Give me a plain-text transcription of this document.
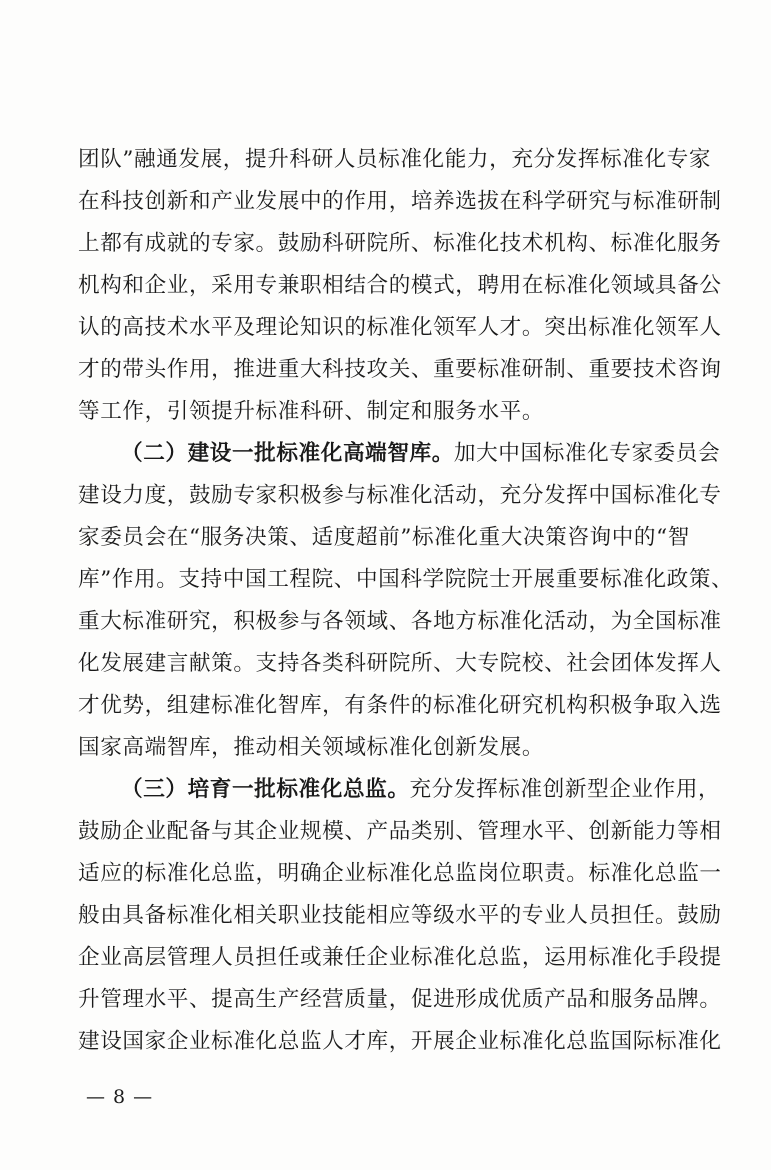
团队”融通发展，提升科研人员标准化能力，充分发挥标准化专家
在科技创新和产业发展中的作用，培养选拔在科学研究与标准研制
上都有成就的专家。鼓励科研院所、标准化技术机构、标准化服务
机构和企业，采用专兼职相结合的模式，聘用在标准化领域具备公
认的高技术水平及理论知识的标准化领军人才。突出标准化领军人
才的带头作用，推进重大科技攻关、重要标准研制、重要技术咨询
等工作，引领提升标准科研、制定和服务水平。
（二）建设一批标准化高端智库。加大中国标准化专家委员会
建设力度，鼓励专家积极参与标准化活动，充分发挥中国标准化专
家委员会在“服务决策、适度超前”标准化重大决策咨询中的“智
库”作用。支持中国工程院、中国科学院院士开展重要标准化政策、
重大标准研究，积极参与各领域、各地方标准化活动，为全国标准
化发展建言献策。支持各类科研院所、大专院校、社会团体发挥人
才优势，组建标准化智库，有条件的标准化研究机构积极争取入选
国家高端智库，推动相关领域标准化创新发展。
（三）培育一批标准化总监。充分发挥标准创新型企业作用，
鼓励企业配备与其企业规模、产品类别、管理水平、创新能力等相
适应的标准化总监，明确企业标准化总监岗位职责。标准化总监一
般由具备标准化相关职业技能相应等级水平的专业人员担任。鼓励
企业高层管理人员担任或兼任企业标准化总监，运用标准化手段提
升管理水平、提高生产经营质量，促进形成优质产品和服务品牌。
建设国家企业标准化总监人才库，开展企业标准化总监国际标准化
— 8 —
